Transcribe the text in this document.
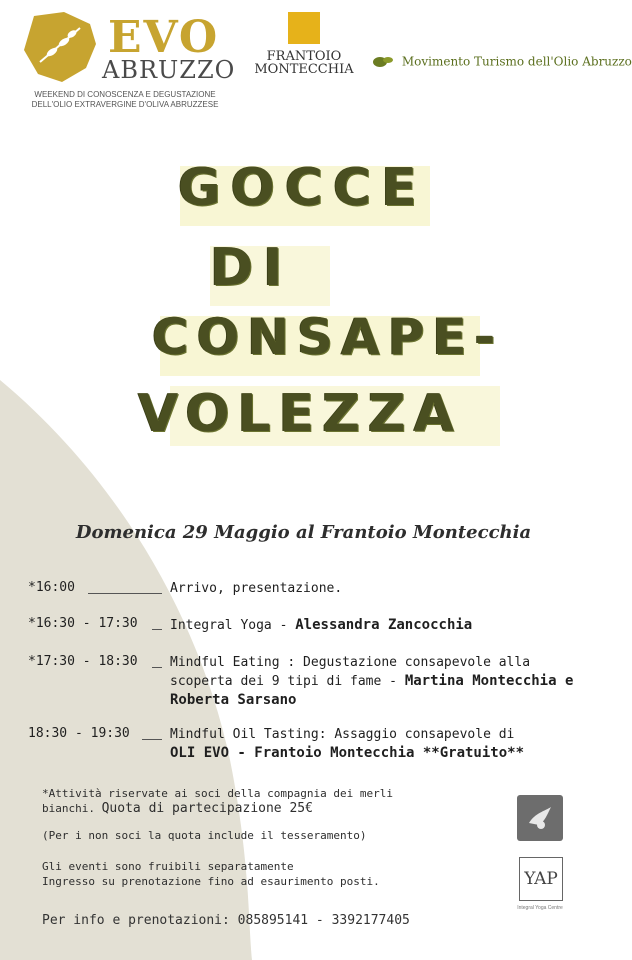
EVO
ABRUZZO
WEEKEND DI CONOSCENZA E DEGUSTAZIONE
DELL'OLIO EXTRAVERGINE D'OLIVA ABRUZZESE
FRANTOIO
MONTECCHIA
Movimento Turismo dell'Olio Abruzzo
GOCCE
DI
CONSAPE-
VOLEZZA
Domenica 29 Maggio al Frantoio Montecchia
*16:00	Arrivo, presentazione.
*16:30 - 17:30 Integral Yoga - Alessandra Zancocchia
*17:30 - 18:30 Mindful Eating : Degustazione consapevole alla scoperta dei 9 tipi di fame - Martina Montecchia e Roberta Sarsano
18:30 - 19:30	Mindful Oil Tasting: Assaggio consapevole di
OLI EVO - Frantoio Montecchia **Gratuito**
*Attività riservate ai soci della compagnia dei merli
bianchi. Quota di partecipazione 25€
(Per i non soci la quota include il tesseramento)
Gli eventi sono fruibili separatamente
Ingresso su prenotazione fino ad esaurimento posti.
Per info e prenotazioni: 085895141 - 3392177405
YAP
Integral Yoga Centre
